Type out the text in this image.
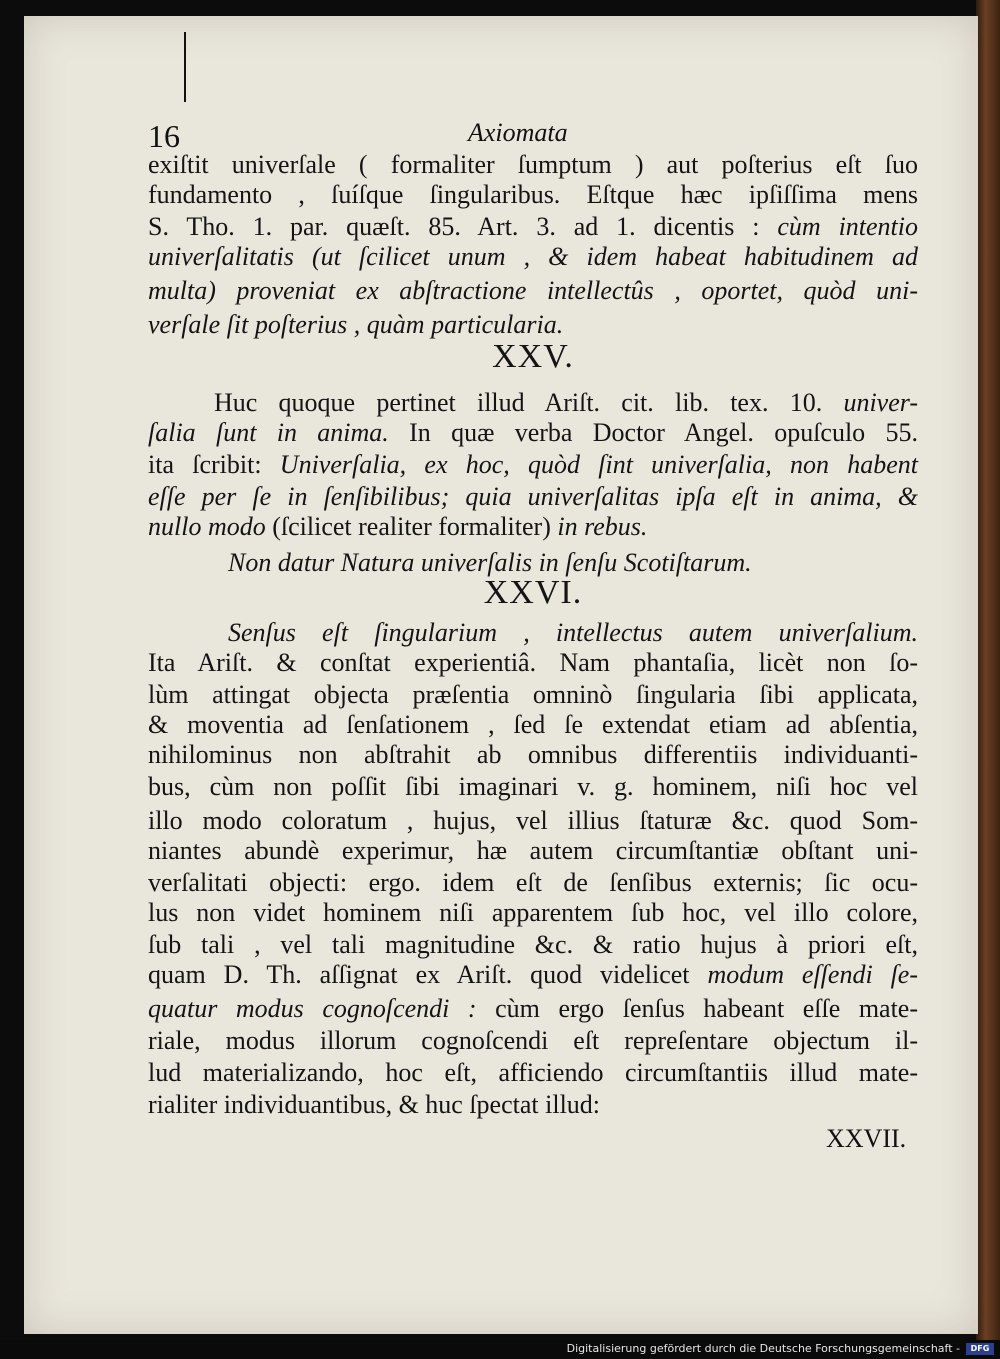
16	Axiomata
exiſtit univerſale ( formaliter ſumptum ) aut poſterius eſt ſuo
fundamento , ſuíſque ſingularibus. Eſtque hæc ipſiſſima mens
S. Tho. 1. par. quæſt. 85. Art. 3. ad 1. dicentis : cùm intentio
univerſalitatis (ut ſcilicet unum , & idem habeat habitudinem ad
multa) proveniat ex abſtractione intellectûs , oportet, quòd uni-
verſale ſit poſterius , quàm particularia.
XXV.
Huc quoque pertinet illud Ariſt. cit. lib. tex. 10. univer-
ſalia ſunt in anima. In quæ verba Doctor Angel. opuſculo 55.
ita ſcribit: Univerſalia, ex hoc, quòd ſint univerſalia, non habent
eſſe per ſe in ſenſibilibus; quia univerſalitas ipſa eſt in anima, &
nullo modo (ſcilicet realiter formaliter) in rebus.
Non datur Natura univerſalis in ſenſu Scotiſtarum.
XXVI.
Senſus eſt ſingularium , intellectus autem univerſalium.
Ita Ariſt. & conſtat experientiâ. Nam phantaſia, licèt non ſo-
lùm attingat objecta præſentia omninò ſingularia ſibi applicata,
& moventia ad ſenſationem , ſed ſe extendat etiam ad abſentia,
nihilominus non abſtrahit ab omnibus differentiis individuanti-
bus, cùm non poſſit ſibi imaginari v. g. hominem, niſi hoc vel
illo modo coloratum , hujus, vel illius ſtaturæ &c. quod Som-
niantes abundè experimur, hæ autem circumſtantiæ obſtant uni-
verſalitati objecti: ergo. idem eſt de ſenſibus externis; ſic ocu-
lus non videt hominem niſi apparentem ſub hoc, vel illo colore,
ſub tali , vel tali magnitudine &c. & ratio hujus à priori eſt,
quam D. Th. aſſignat ex Ariſt. quod videlicet modum eſſendi ſe-
quatur modus cognoſcendi : cùm ergo ſenſus habeant eſſe mate-
riale, modus illorum cognoſcendi eſt repreſentare objectum il-
lud materializando, hoc eſt, afficiendo circumſtantiis illud mate-
rialiter individuantibus, & huc ſpectat illud:
XXVII.
Digitalisierung gefördert durch die Deutsche Forschungsgemeinschaft -	DFG
